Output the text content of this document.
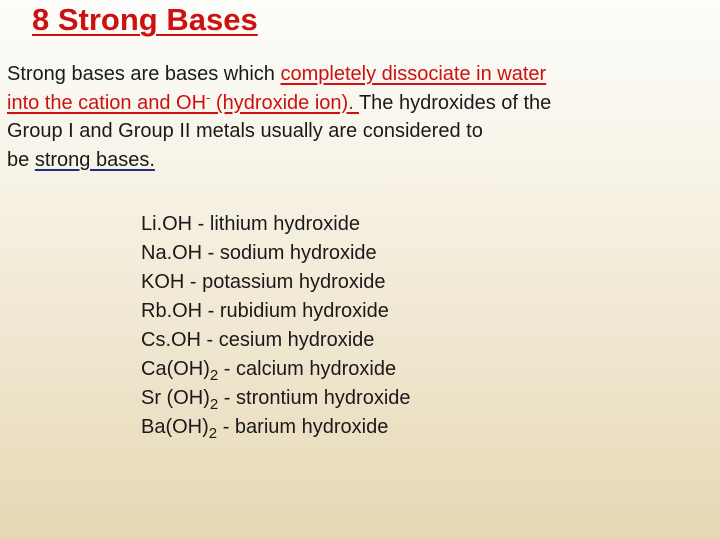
8 Strong Bases

Strong bases are bases which completely dissociate in water
into the cation and OH- (hydroxide ion). The hydroxides of the
Group I and Group II metals usually are considered to
be strong bases.

Li.OH - lithium hydroxide
Na.OH - sodium hydroxide
KOH - potassium hydroxide
Rb.OH - rubidium hydroxide
Cs.OH - cesium hydroxide
$Ca(OH)_2$ - calcium hydroxide
Sr $(OH)_2$ - strontium hydroxide
$Ba(OH)_2$ - barium hydroxide
